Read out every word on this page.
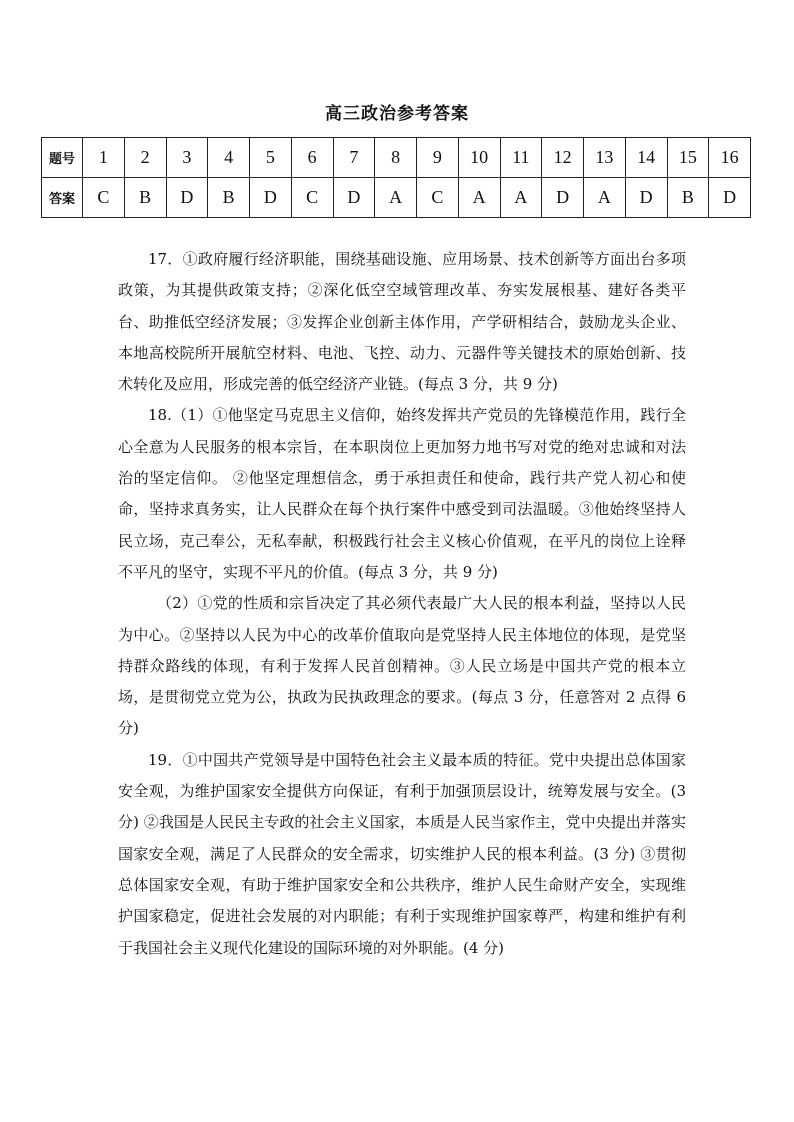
高三政治参考答案
题号	1	2	3	4	5	6	7	8	9	10	11	12	13	14	15	16
答案	C	B	D	B	D	C	D	A	C	A	A	D	A	D	B	D

17．①政府履行经济职能，围绕基础设施、应用场景、技术创新等方面出台多项政策，为其提供政策支持；②深化低空空域管理改革、夯实发展根基、建好各类平台、助推低空经济发展；③发挥企业创新主体作用，产学研相结合，鼓励龙头企业、本地高校院所开展航空材料、电池、飞控、动力、元器件等关键技术的原始创新、技术转化及应用，形成完善的低空经济产业链。(每点 3 分，共 9 分)

18.（1）①他坚定马克思主义信仰，始终发挥共产党员的先锋模范作用，践行全心全意为人民服务的根本宗旨，在本职岗位上更加努力地书写对党的绝对忠诚和对法治的坚定信仰。 ②他坚定理想信念，勇于承担责任和使命，践行共产党人初心和使命，坚持求真务实，让人民群众在每个执行案件中感受到司法温暖。③他始终坚持人民立场，克己奉公，无私奉献，积极践行社会主义核心价值观，在平凡的岗位上诠释不平凡的坚守，实现不平凡的价值。(每点 3 分，共 9 分)

（2）①党的性质和宗旨决定了其必须代表最广大人民的根本利益，坚持以人民为中心。②坚持以人民为中心的改革价值取向是党坚持人民主体地位的体现，是党坚持群众路线的体现，有利于发挥人民首创精神。③人民立场是中国共产党的根本立场，是贯彻党立党为公，执政为民执政理念的要求。(每点 3 分，任意答对 2 点得 6 分)

19．①中国共产党领导是中国特色社会主义最本质的特征。党中央提出总体国家安全观，为维护国家安全提供方向保证，有利于加强顶层设计，统筹发展与安全。(3 分) ②我国是人民民主专政的社会主义国家，本质是人民当家作主，党中央提出并落实国家安全观，满足了人民群众的安全需求，切实维护人民的根本利益。(3 分) ③贯彻总体国家安全观，有助于维护国家安全和公共秩序，维护人民生命财产安全，实现维护国家稳定，促进社会发展的对内职能；有利于实现维护国家尊严，构建和维护有利于我国社会主义现代化建设的国际环境的对外职能。(4 分)
